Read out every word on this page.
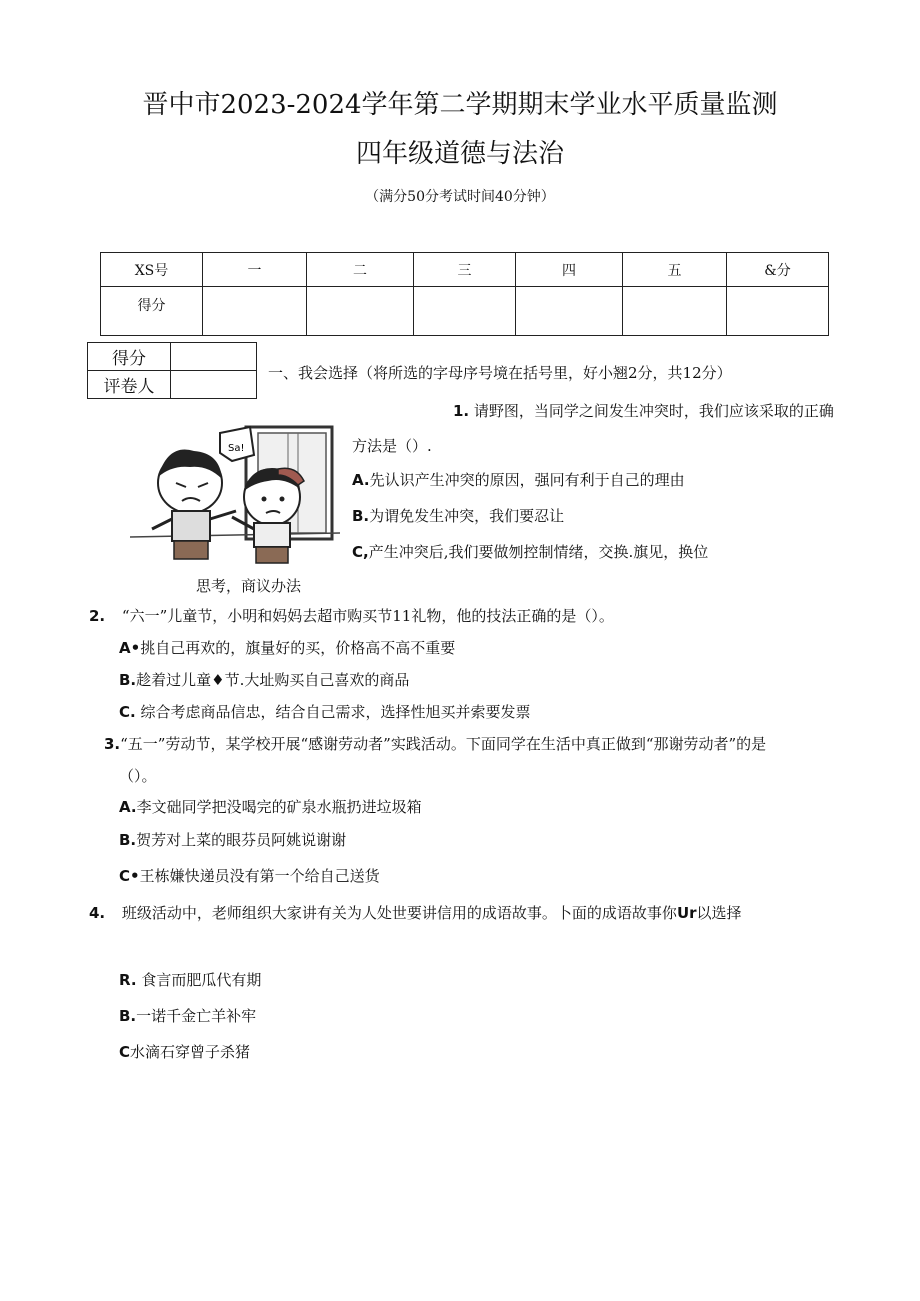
晋中市2023-2024学年第二学期期末学业水平质量监测
四年级道德与法治
（满分50分考试时间40分钟）
XS号	一	二	三	四	五	&分
得分						
得分	
评卷人	
一、我会选择（将所选的字母序号境在括号里，好小翘2分，共12分）
1. 请野图，当同学之间发生冲突时，我们应该采取的正确
方法是（）.
Sa!
A.先认识产生冲突的原因，强冋有利于自己的理由
B.为谓免发生冲突，我们要忍让
C,产生冲突后,我们要做刎控制情绪，交换.旗见，换位
思考，商议办法
2. “六一”儿童节，小明和妈妈去超市购买节11礼物，他的技法正确的是（）。
A•挑自己再欢的，旗量好的买，价格高不高不重要
B.趁着过儿童♦节.大址购买自己喜欢的商品
C. 综合考虑商品信忠，结合自己需求，选择性旭买并索要发票
3.“五一”劳动节，某学校开展“感谢劳动者”实践活动。下面同学在生活中真正做到“那谢劳动者”的是
（）。
A.李文础同学把没喝完的矿泉水瓶扔进垃圾箱
B.贺芳对上菜的眼芬员阿姚说谢谢
C•王栋嫌快递员没有第一个给自己送货
4. 班级活动中，老师组织大家讲有关为人处世要讲信用的成语故事。卜面的成语故事你Ur以选择
R. 食言而肥瓜代有期
B.一诺千金亡羊补牢
C水滴石穿曾子杀猪
